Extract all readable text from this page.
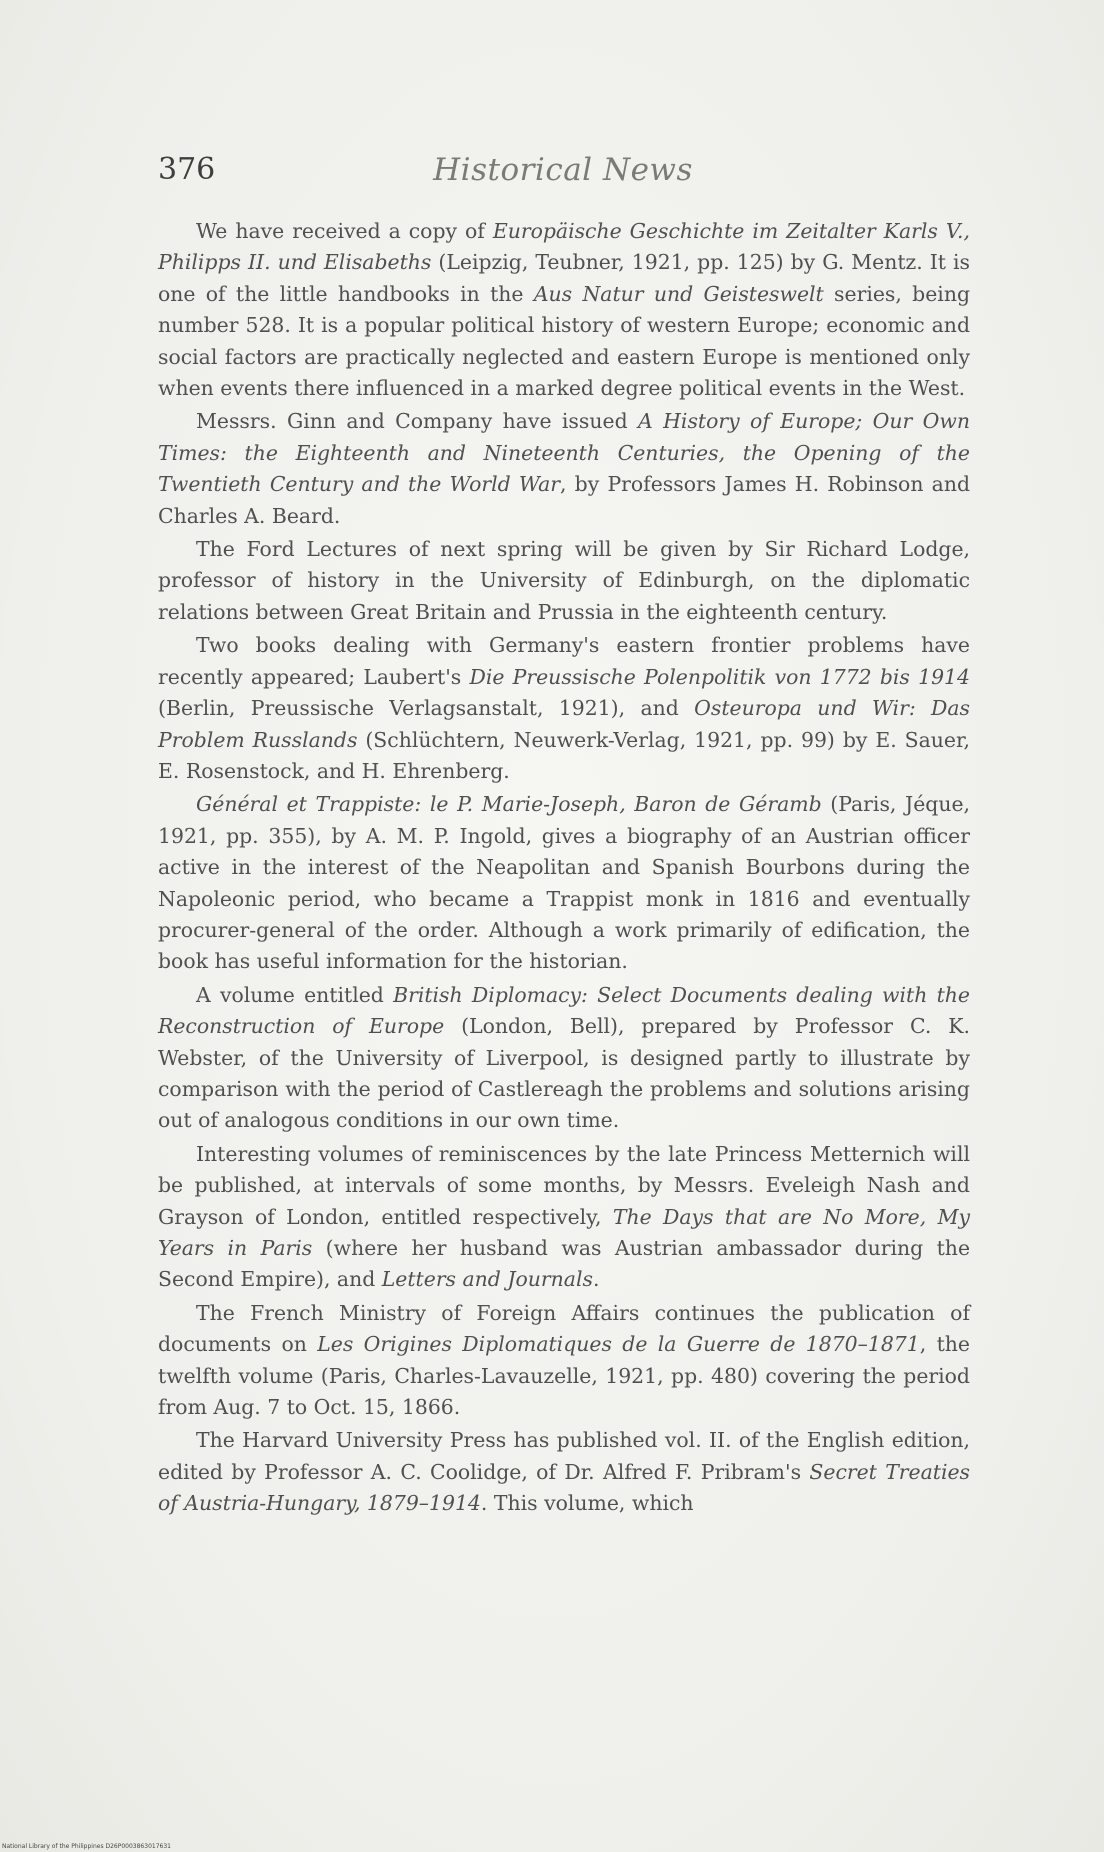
376	Historical News

We have received a copy of Europäische Geschichte im Zeitalter Karls V., Philipps II. und Elisabeths (Leipzig, Teubner, 1921, pp. 125) by G. Mentz. It is one of the little handbooks in the Aus Natur und Geisteswelt series, being number 528. It is a popular political history of western Europe; economic and social factors are practically neglected and eastern Europe is mentioned only when events there influenced in a marked degree political events in the West.

Messrs. Ginn and Company have issued A History of Europe; Our Own Times: the Eighteenth and Nineteenth Centuries, the Opening of the Twentieth Century and the World War, by Professors James H. Robinson and Charles A. Beard.

The Ford Lectures of next spring will be given by Sir Richard Lodge, professor of history in the University of Edinburgh, on the diplomatic relations between Great Britain and Prussia in the eighteenth century.

Two books dealing with Germany's eastern frontier problems have recently appeared; Laubert's Die Preussische Polenpolitik von 1772 bis 1914 (Berlin, Preussische Verlagsanstalt, 1921), and Osteuropa und Wir: Das Problem Russlands (Schlüchtern, Neuwerk-Verlag, 1921, pp. 99) by E. Sauer, E. Rosenstock, and H. Ehrenberg.

Général et Trappiste: le P. Marie-Joseph, Baron de Géramb (Paris, Jéque, 1921, pp. 355), by A. M. P. Ingold, gives a biography of an Austrian officer active in the interest of the Neapolitan and Spanish Bourbons during the Napoleonic period, who became a Trappist monk in 1816 and eventually procurer-general of the order. Although a work primarily of edification, the book has useful information for the historian.

A volume entitled British Diplomacy: Select Documents dealing with the Reconstruction of Europe (London, Bell), prepared by Professor C. K. Webster, of the University of Liverpool, is designed partly to illustrate by comparison with the period of Castlereagh the problems and solutions arising out of analogous conditions in our own time.

Interesting volumes of reminiscences by the late Princess Metternich will be published, at intervals of some months, by Messrs. Eveleigh Nash and Grayson of London, entitled respectively, The Days that are No More, My Years in Paris (where her husband was Austrian ambassador during the Second Empire), and Letters and Journals.

The French Ministry of Foreign Affairs continues the publication of documents on Les Origines Diplomatiques de la Guerre de 1870–1871, the twelfth volume (Paris, Charles-Lavauzelle, 1921, pp. 480) covering the period from Aug. 7 to Oct. 15, 1866.

The Harvard University Press has published vol. II. of the English edition, edited by Professor A. C. Coolidge, of Dr. Alfred F. Pribram's Secret Treaties of Austria-Hungary, 1879–1914. This volume, which

National Library of the Philippines D26P0003863017631
